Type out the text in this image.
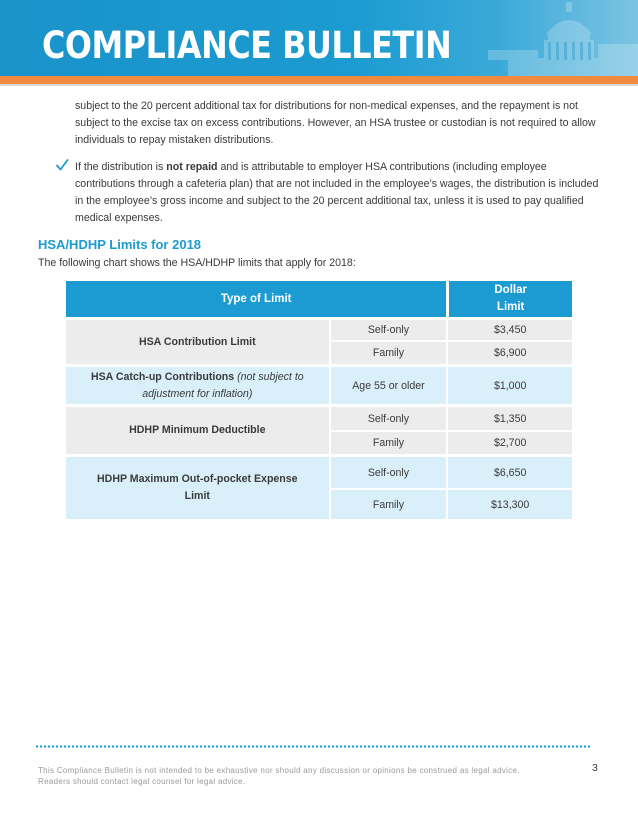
COMPLIANCE BULLETIN
subject to the 20 percent additional tax for distributions for non-medical expenses, and the repayment is not subject to the excise tax on excess contributions. However, an HSA trustee or custodian is not required to allow individuals to repay mistaken distributions.
If the distribution is not repaid and is attributable to employer HSA contributions (including employee contributions through a cafeteria plan) that are not included in the employee’s wages, the distribution is included in the employee’s gross income and subject to the 20 percent additional tax, unless it is used to pay qualified medical expenses.
HSA/HDHP Limits for 2018
The following chart shows the HSA/HDHP limits that apply for 2018:
Type of Limit		Dollar
Limit
HSA Contribution Limit	Self-only	$3,450
	Family	$6,900
HSA Catch-up Contributions (not subject to adjustment for inflation)	Age 55 or older	$1,000
HDHP Minimum Deductible	Self-only	$1,350
	Family	$2,700
HDHP Maximum Out-of-pocket Expense Limit	Self-only	$6,650
	Family	$13,300
This Compliance Bulletin is not intended to be exhaustive nor should any discussion or opinions be construed as legal advice.
Readers should contact legal counsel for legal advice.
3
